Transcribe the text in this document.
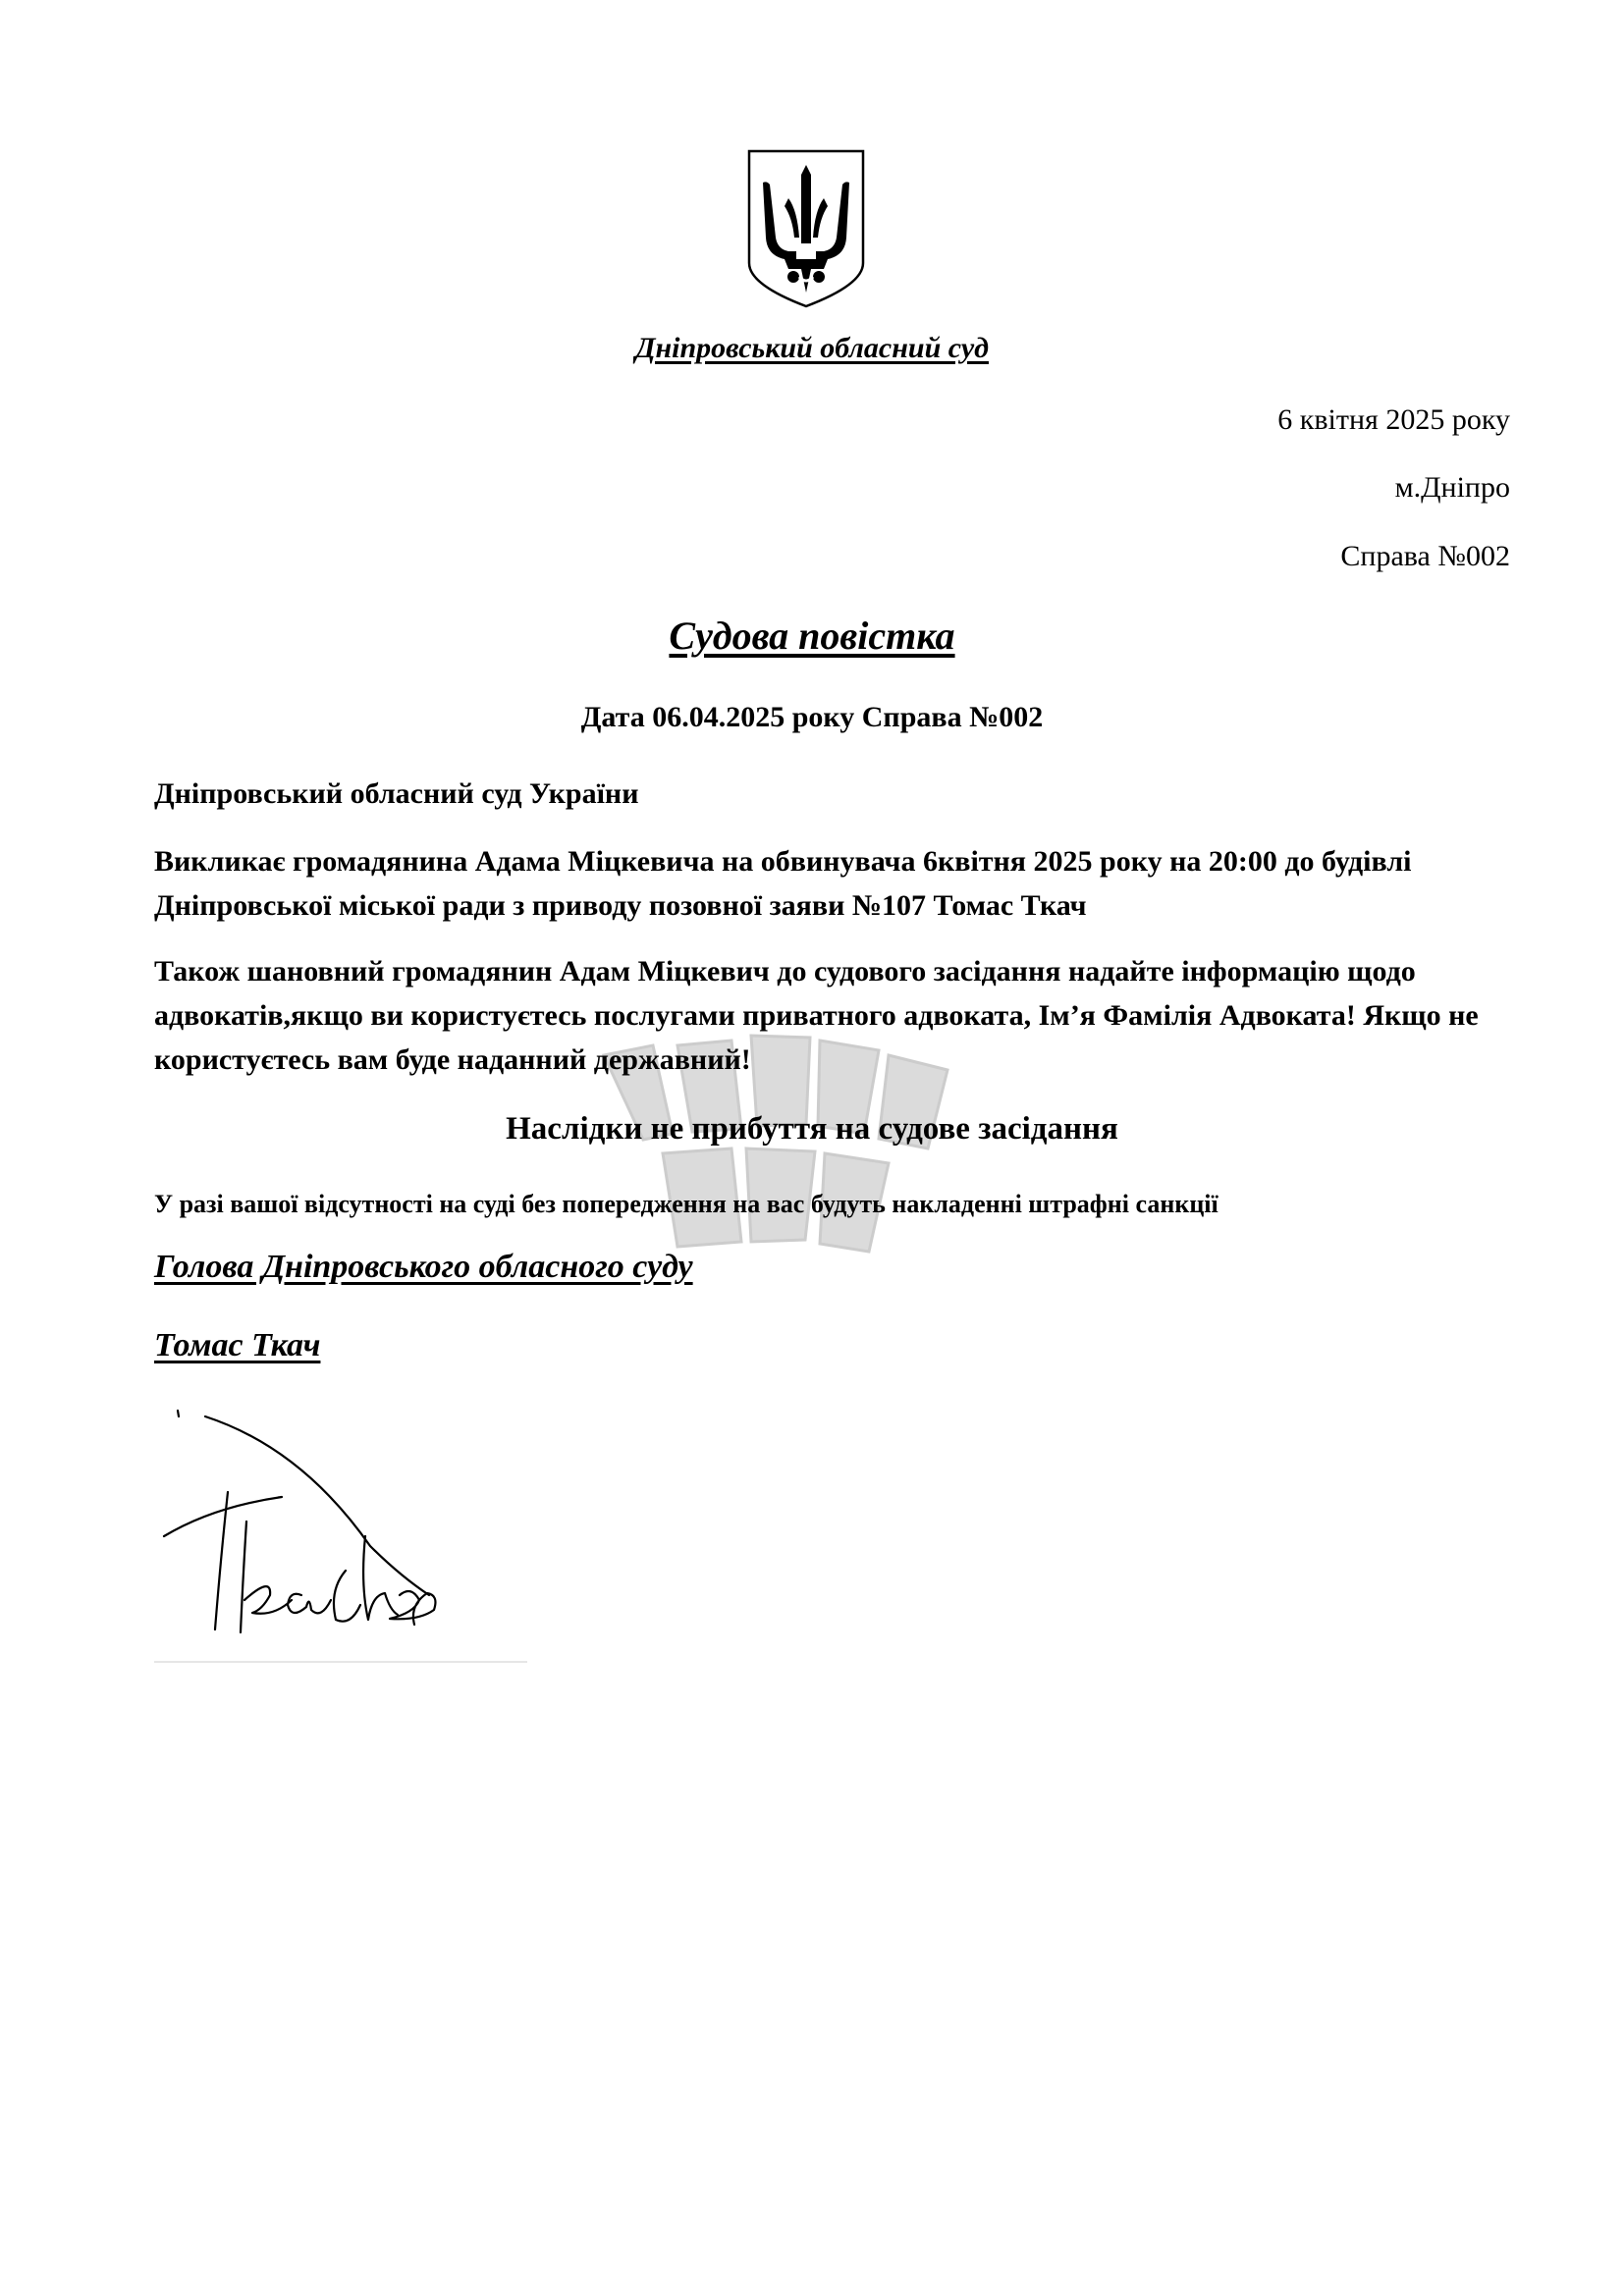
Дніпровський обласний суд
6 квітня 2025 року
м.Дніпро
Справа №002
Судова повістка
Дата 06.04.2025 року Справа №002
Дніпровський обласний суд України
Викликає громадянина Адама Міцкевича на обвинувача 6квітня 2025 року на 20:00 до будівлі Дніпровської міської ради з приводу позовної заяви №107 Томас Ткач
Також шановний громадянин Адам Міцкевич до судового засідання надайте інформацію щодо адвокатів,якщо ви користуєтесь послугами приватного адвоката, Ім’я Фамілія Адвоката! Якщо не користуєтесь вам буде наданний державний!
Наслідки не прибуття на судове засідання
У разі вашої відсутності на суді без попередження на вас будуть накладенні штрафні санкції
Голова Дніпровського обласного суду
Томас Ткач
